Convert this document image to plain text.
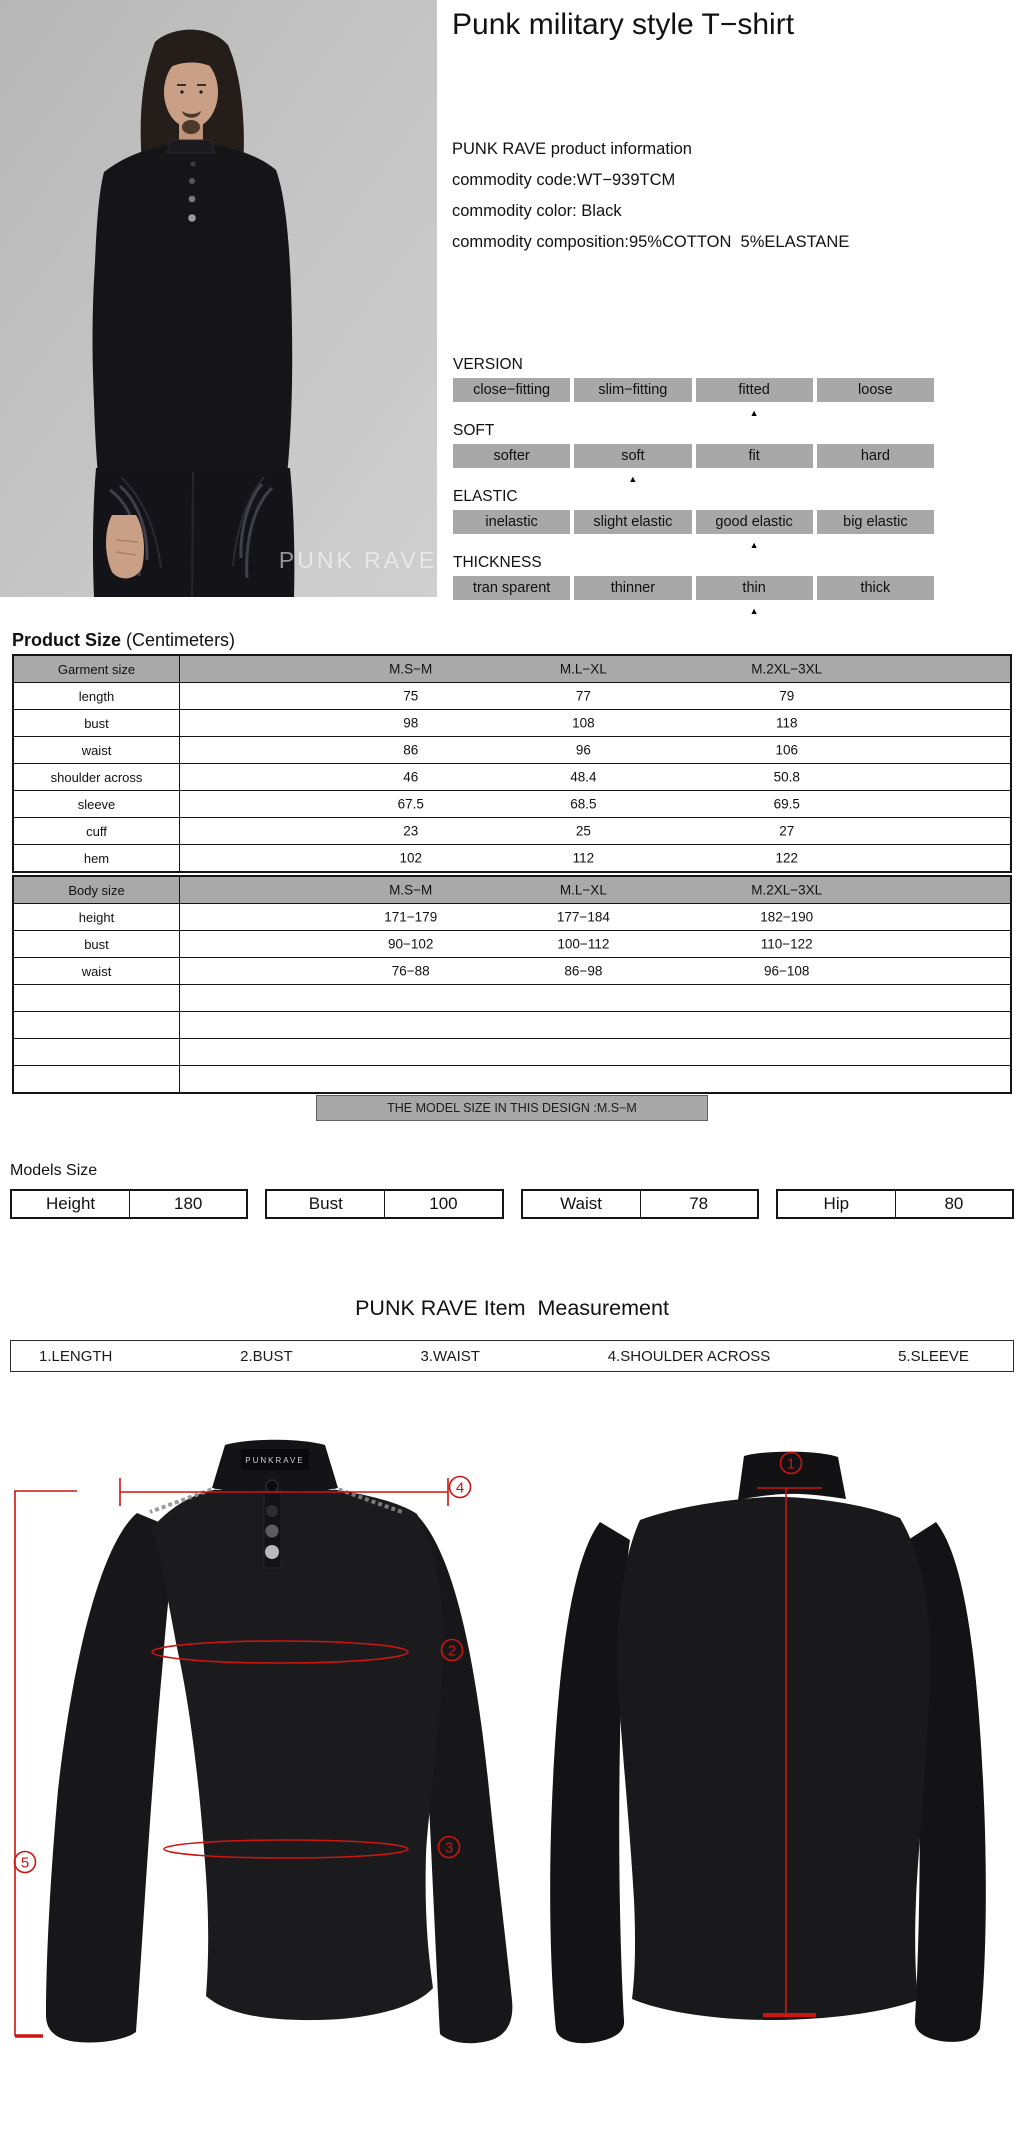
PUNK RAVE
Punk military style T−shirt
PUNK RAVE product information
commodity code:WT−939TCM
commodity color: Black
commodity composition:95%COTTON  5%ELASTANE
VERSION
close−fitting	slim−fitting	fitted	loose
▲
SOFT
softer	soft	fit	hard
▲
ELASTIC
inelastic	slight elastic	good elastic	big elastic
▲
THICKNESS
tran sparent	thinner	thin	thick
▲
Product Size (Centimeters)
Garment size	M.S−M	M.L−XL	M.2XL−3XL
length	75	77	79
bust	98	108	118
waist	86	96	106
shoulder across	46	48.4	50.8
sleeve	67.5	68.5	69.5
cuff	23	25	27
hem	102	112	122
Body size	M.S−M	M.L−XL	M.2XL−3XL
height	171−179	177−184	182−190
bust	90−102	100−112	110−122
waist	76−88	86−98	96−108
THE MODEL SIZE IN THIS DESIGN :M.S−M
Models Size
Height	180	Bust	100	Waist	78	Hip	80
PUNK RAVE Item  Measurement
1.LENGTH	2.BUST	3.WAIST	4.SHOULDER ACROSS	5.SLEEVE
PUNKRAVE
4
2
3
5
1
